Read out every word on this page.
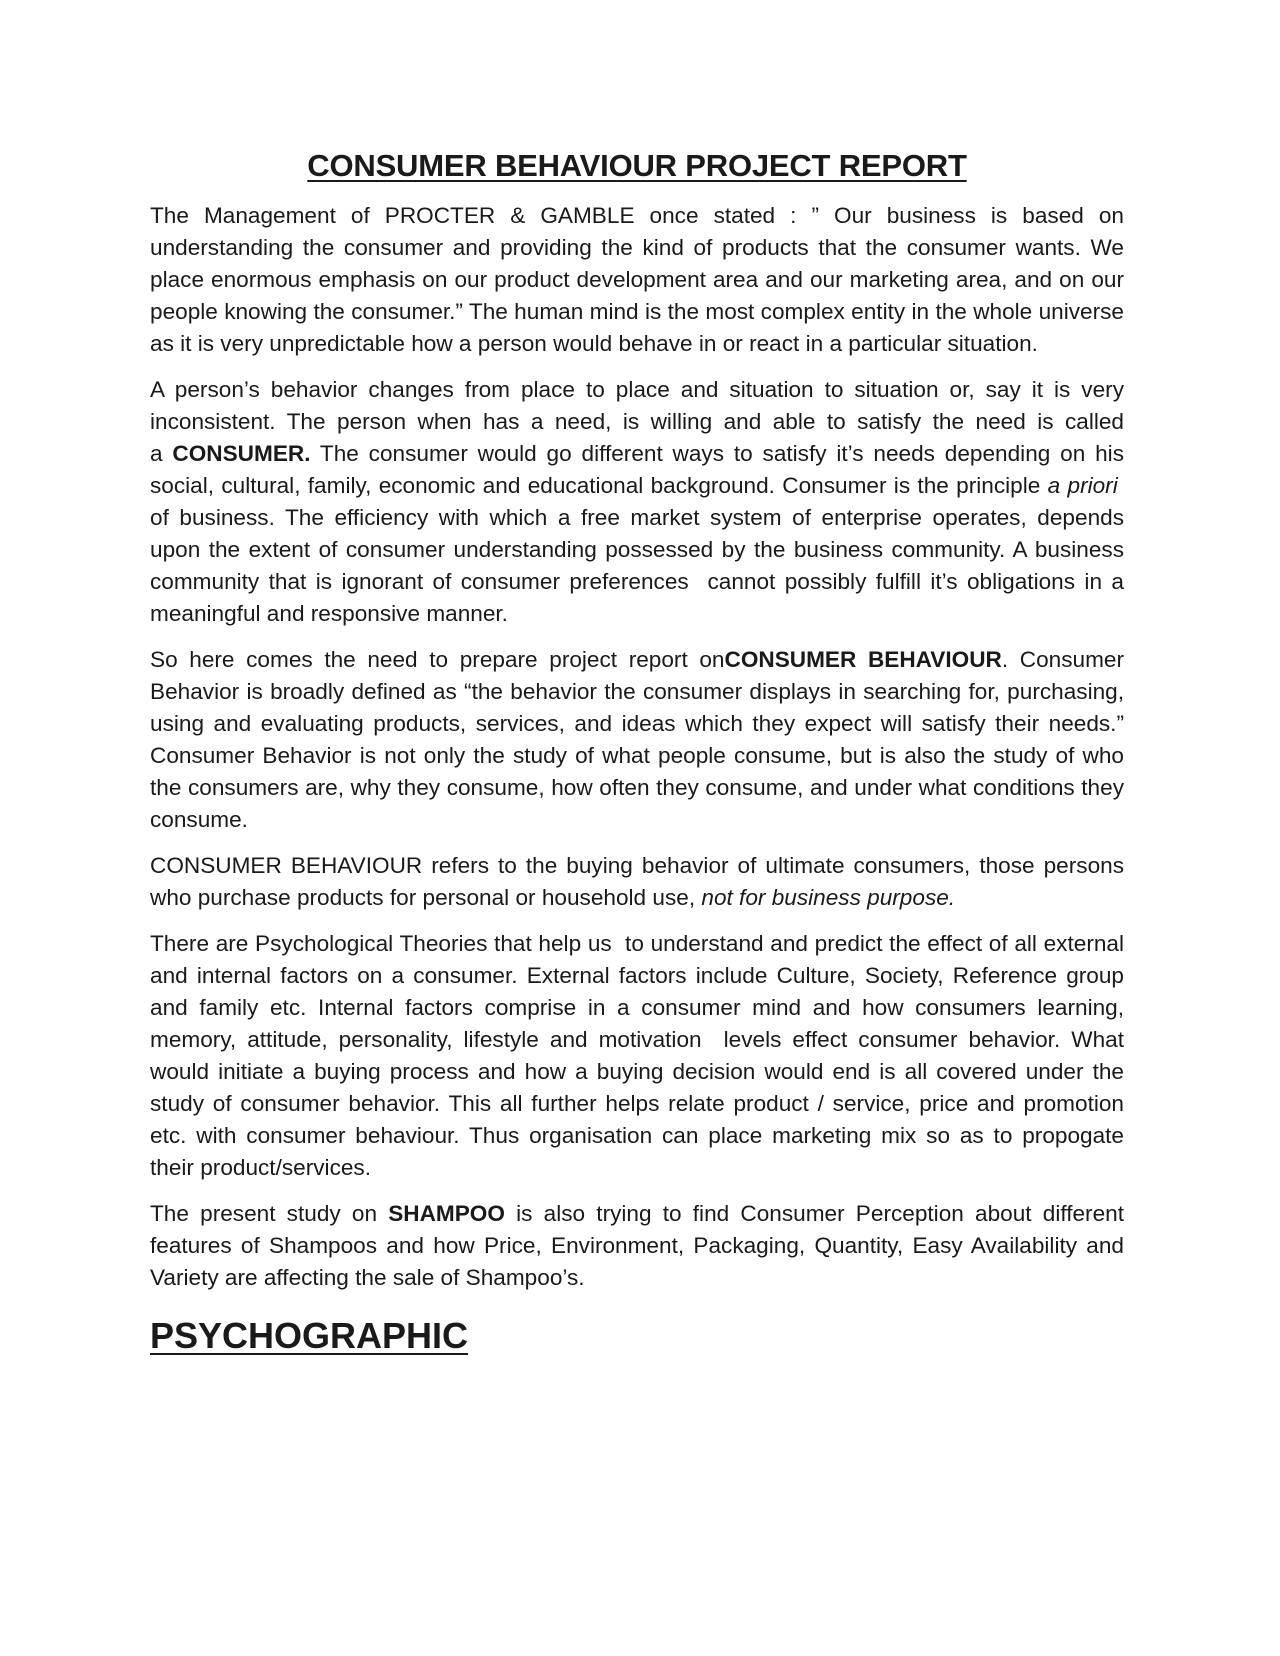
CONSUMER BEHAVIOUR PROJECT REPORT

The Management of PROCTER & GAMBLE once stated : ” Our business is based on understanding the consumer and providing the kind of products that the consumer wants. We place enormous emphasis on our product development area and our marketing area, and on our people knowing the consumer.” The human mind is the most complex entity in the whole universe as it is very unpredictable how a person would behave in or react in a particular situation.

A person’s behavior changes from place to place and situation to situation or, say it is very inconsistent. The person when has a need, is willing and able to satisfy the need is called a CONSUMER. The consumer would go different ways to satisfy it’s needs depending on his social, cultural, family, economic and educational background. Consumer is the principle a priori  of business. The efficiency with which a free market system of enterprise operates, depends upon the extent of consumer understanding possessed by the business community. A business community that is ignorant of consumer preferences  cannot possibly fulfill it’s obligations in a meaningful and responsive manner.

So here comes the need to prepare project report onCONSUMER BEHAVIOUR. Consumer Behavior is broadly defined as “the behavior the consumer displays in searching for, purchasing, using and evaluating products, services, and ideas which they expect will satisfy their needs.” Consumer Behavior is not only the study of what people consume, but is also the study of who the consumers are, why they consume, how often they consume, and under what conditions they consume.

CONSUMER BEHAVIOUR refers to the buying behavior of ultimate consumers, those persons who purchase products for personal or household use, not for business purpose.

There are Psychological Theories that help us  to understand and predict the effect of all external and internal factors on a consumer. External factors include Culture, Society, Reference group and family etc. Internal factors comprise in a consumer mind and how consumers learning, memory, attitude, personality, lifestyle and motivation  levels effect consumer behavior. What would initiate a buying process and how a buying decision would end is all covered under the study of consumer behavior. This all further helps relate product / service, price and promotion etc. with consumer behaviour. Thus organisation can place marketing mix so as to propogate their product/services.

The present study on SHAMPOO is also trying to find Consumer Perception about different features of Shampoos and how Price, Environment, Packaging, Quantity, Easy Availability and Variety are affecting the sale of Shampoo’s.

PSYCHOGRAPHIC
